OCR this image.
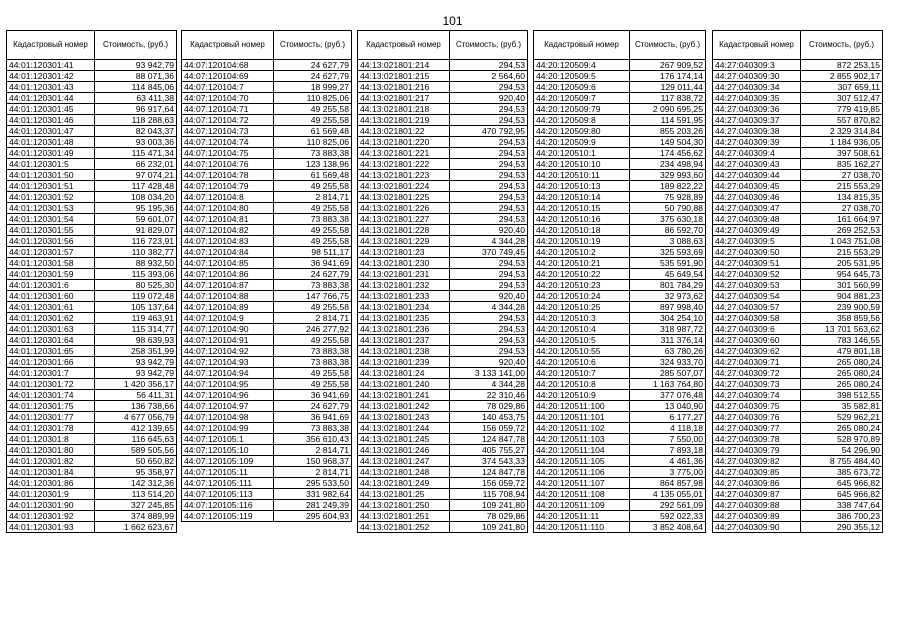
101
Кадастровый номер	Стоимость, (руб.)
44:01:120301:41	93 942,79
44:01:120301:42	88 071,36
44:01:120301:43	114 845,06
44:01:120301:44	63 411,38
44:01:120301:45	96 917,64
44:01:120301:46	118 288,63
44:01:120301:47	82 043,37
44:01:120301:48	93 003,36
44:01:120301:49	115 471,34
44:01:120301:5	66 232,01
44:01:120301:50	97 074,21
44:01:120301:51	117 428,48
44:01:120301:52	108 034,20
44:01:120301:53	95 195,36
44:01:120301:54	59 601,07
44:01:120301:55	91 829,07
44:01:120301:56	116 723,91
44:01:120301:57	110 382,77
44:01:120301:58	88 932,50
44:01:120301:59	115 393,06
44:01:120301:6	80 525,30
44:01:120301:60	119 072,48
44:01:120301:61	105 137,64
44:01:120301:62	119 463,91
44:01:120301:63	115 314,77
44:01:120301:64	98 639,93
44:01:120301:65	258 351,99
44:01:120301:66	93 942,79
44:01:120301:7	93 942,79
44:01:120301:72	1 420 356,17
44:01:120301:74	56 411,31
44:01:120301:75	136 738,66
44:01:120301:77	4 677 056,79
44:01:120301:78	412 139,65
44:01:120301:8	116 645,63
44:01:120301:80	589 505,56
44:01:120301:82	50 650,82
44:01:120301:84	95 358,97
44:01:120301:86	142 312,36
44:01:120301:9	113 514,20
44:01:120301:90	327 245,85
44:01:120301:92	374 889,99
44:01:120301:93	1 662 623,67
Кадастровый номер	Стоимость, (руб.)
44:07:120104:68	24 627,79
44:07:120104:69	24 627,79
44:07:120104:7	18 999,27
44:07:120104:70	110 825,06
44:07:120104:71	49 255,58
44:07:120104:72	49 255,58
44:07:120104:73	61 569,48
44:07:120104:74	110 825,06
44:07:120104:75	73 883,38
44:07:120104:76	123 138,96
44:07:120104:78	61 569,48
44:07:120104:79	49 255,58
44:07:120104:8	2 814,71
44:07:120104:80	49 255,58
44:07:120104:81	73 883,38
44:07:120104:82	49 255,58
44:07:120104:83	49 255,58
44:07:120104:84	98 511,17
44:07:120104:85	36 941,69
44:07:120104:86	24 627,79
44:07:120104:87	73 883,38
44:07:120104:88	147 766,75
44:07:120104:89	49 255,58
44:07:120104:9	2 814,71
44:07:120104:90	246 277,92
44:07:120104:91	49 255,58
44:07:120104:92	73 883,38
44:07:120104:93	73 883,38
44:07:120104:94	49 255,58
44:07:120104:95	49 255,58
44:07:120104:96	36 941,69
44:07:120104:97	24 627,79
44:07:120104:98	36 941,69
44:07:120104:99	73 883,38
44:07:120105:1	356 610,43
44:07:120105:10	2 814,71
44:07:120105:109	150 968,37
44:07:120105:11	2 814,71
44:07:120105:111	295 533,50
44:07:120105:113	331 982,64
44:07:120105:116	281 249,39
44:07:120105:119	295 604,93
Кадастровый номер	Стоимость, (руб.)
44:13:021801:214	294,53
44:13:021801:215	2 564,60
44:13:021801:216	294,53
44:13:021801:217	920,40
44:13:021801:218	294,53
44:13:021801:219	294,53
44:13:021801:22	470 792,95
44:13:021801:220	294,53
44:13:021801:221	294,53
44:13:021801:222	294,53
44:13:021801:223	294,53
44:13:021801:224	294,53
44:13:021801:225	294,53
44:13:021801:226	294,53
44:13:021801:227	294,53
44:13:021801:228	920,40
44:13:021801:229	4 344,28
44:13:021801:23	370 749,45
44:13:021801:230	294,53
44:13:021801:231	294,53
44:13:021801:232	294,53
44:13:021801:233	920,40
44:13:021801:234	4 344,28
44:13:021801:235	294,53
44:13:021801:236	294,53
44:13:021801:237	294,53
44:13:021801:238	294,53
44:13:021801:239	920,40
44:13:021801:24	3 133 141,00
44:13:021801:240	4 344,28
44:13:021801:241	22 310,46
44:13:021801:242	78 029,86
44:13:021801:243	140 453,75
44:13:021801:244	156 059,72
44:13:021801:245	124 847,78
44:13:021801:246	405 755,27
44:13:021801:247	374 543,33
44:13:021801:248	124 847,78
44:13:021801:249	156 059,72
44:13:021801:25	115 708,94
44:13:021801:250	109 241,80
44:13:021801:251	78 029,86
44:13:021801:252	109 241,80
Кадастровый номер	Стоимость, (руб.)
44:20:120509:4	267 909,52
44:20:120509:5	176 174,14
44:20:120509:6	129 011,44
44:20:120509:7	117 838,72
44:20:120509:79	2 090 695,25
44:20:120509:8	114 591,95
44:20:120509:80	855 203,26
44:20:120509:9	149 504,30
44:20:120510:1	174 456,62
44:20:120510:10	234 498,94
44:20:120510:11	329 993,60
44:20:120510:13	189 822,22
44:20:120510:14	75 928,89
44:20:120510:15	50 790,88
44:20:120510:16	375 630,18
44:20:120510:18	86 592,70
44:20:120510:19	3 088,63
44:20:120510:2	325 593,69
44:20:120510:21	535 591,90
44:20:120510:22	45 649,54
44:20:120510:23	801 784,29
44:20:120510:24	32 973,62
44:20:120510:25	897 998,40
44:20:120510:3	304 254,10
44:20:120510:4	318 987,72
44:20:120510:5	311 376,14
44:20:120510:55	63 780,26
44:20:120510:6	324 933,70
44:20:120510:7	285 507,07
44:20:120510:8	1 163 764,80
44:20:120510:9	377 076,48
44:20:120511:100	13 040,90
44:20:120511:101	6 177,27
44:20:120511:102	4 118,18
44:20:120511:103	7 550,00
44:20:120511:104	7 893,18
44:20:120511:105	4 461,36
44:20:120511:106	3 775,00
44:20:120511:107	864 857,98
44:20:120511:108	4 135 055,01
44:20:120511:109	292 561,09
44:20:120511:11	592 022,33
44:20:120511:110	3 852 408,64
Кадастровый номер	Стоимость, (руб.)
44:27:040309:3	872 253,15
44:27:040309:30	2 855 902,17
44:27:040309:34	307 659,11
44:27:040309:35	307 512,47
44:27:040309:36	779 419,85
44:27:040309:37	557 870,82
44:27:040309:38	2 329 314,84
44:27:040309:39	1 184 936,05
44:27:040309:4	397 508,61
44:27:040309:43	835 162,27
44:27:040309:44	27 038,70
44:27:040309:45	215 553,29
44:27:040309:46	134 815,35
44:27:040309:47	27 038,70
44:27:040309:48	161 664,97
44:27:040309:49	269 252,53
44:27:040309:5	1 043 751,08
44:27:040309:50	215 553,29
44:27:040309:51	205 531,95
44:27:040309:52	954 645,73
44:27:040309:53	301 560,99
44:27:040309:54	904 881,23
44:27:040309:57	239 900,59
44:27:040309:58	358 859,56
44:27:040309:6	13 701 563,62
44:27:040309:60	783 146,55
44:27:040309:62	479 801,18
44:27:040309:71	265 080,24
44:27:040309:72	265 080,24
44:27:040309:73	265 080,24
44:27:040309:74	398 512,55
44:27:040309:75	35 582,81
44:27:040309:76	529 962,21
44:27:040309:77	265 080,24
44:27:040309:78	528 970,89
44:27:040309:79	54 296,90
44:27:040309:82	8 755 484,40
44:27:040309:85	385 673,72
44:27:040309:86	645 966,82
44:27:040309:87	645 966,82
44:27:040309:88	338 747,64
44:27:040309:89	386 700,23
44:27:040309:90	290 355,12
